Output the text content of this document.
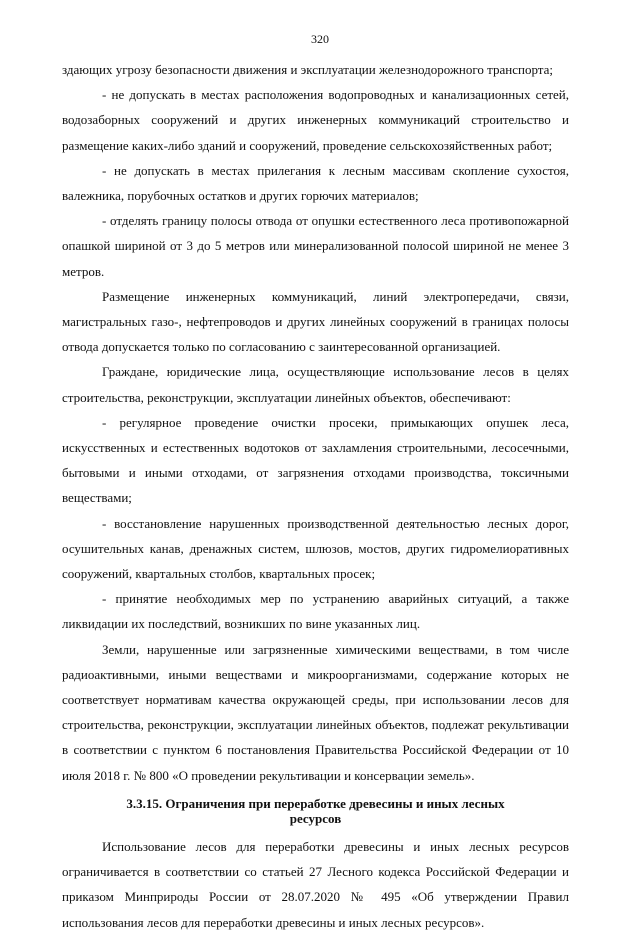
320

здающих угрозу безопасности движения и эксплуатации железнодорожного транспорта;

- не допускать в местах расположения водопроводных и канализационных сетей, водозаборных сооружений и других инженерных коммуникаций строительство и размещение каких-либо зданий и сооружений, проведение сельскохозяйственных работ;

- не допускать в местах прилегания к лесным массивам скопление сухостоя, валежника, порубочных остатков и других горючих материалов;

- отделять границу полосы отвода от опушки естественного леса противопожарной опашкой шириной от 3 до 5 метров или минерализованной полосой шириной не менее 3 метров.

Размещение инженерных коммуникаций, линий электропередачи, связи, магистральных газо-, нефтепроводов и других линейных сооружений в границах полосы отвода допускается только по согласованию с заинтересованной организацией.

Граждане, юридические лица, осуществляющие использование лесов в целях строительства, реконструкции, эксплуатации линейных объектов, обеспечивают:

- регулярное проведение очистки просеки, примыкающих опушек леса, искусственных и естественных водотоков от захламления строительными, лесосечными, бытовыми и иными отходами, от загрязнения отходами производства, токсичными веществами;

- восстановление нарушенных производственной деятельностью лесных дорог, осушительных канав, дренажных систем, шлюзов, мостов, других гидромелиоративных сооружений, квартальных столбов, квартальных просек;

- принятие необходимых мер по устранению аварийных ситуаций, а также ликвидации их последствий, возникших по вине указанных лиц.

Земли, нарушенные или загрязненные химическими веществами, в том числе радиоактивными, иными веществами и микроорганизмами, содержание которых не соответствует нормативам качества окружающей среды, при использовании лесов для строительства, реконструкции, эксплуатации линейных объектов, подлежат рекультивации в соответствии с пунктом 6 постановления Правительства Российской Федерации от 10 июля 2018 г. № 800 «О проведении рекультивации и консервации земель».

3.3.15. Ограничения при переработке древесины и иных лесных ресурсов

Использование лесов для переработки древесины и иных лесных ресурсов ограничивается в соответствии со статьей 27 Лесного кодекса Российской Федерации и приказом Минприроды России от 28.07.2020 № 495 «Об утверждении Правил использования лесов для переработки древесины и иных лесных ресурсов».
